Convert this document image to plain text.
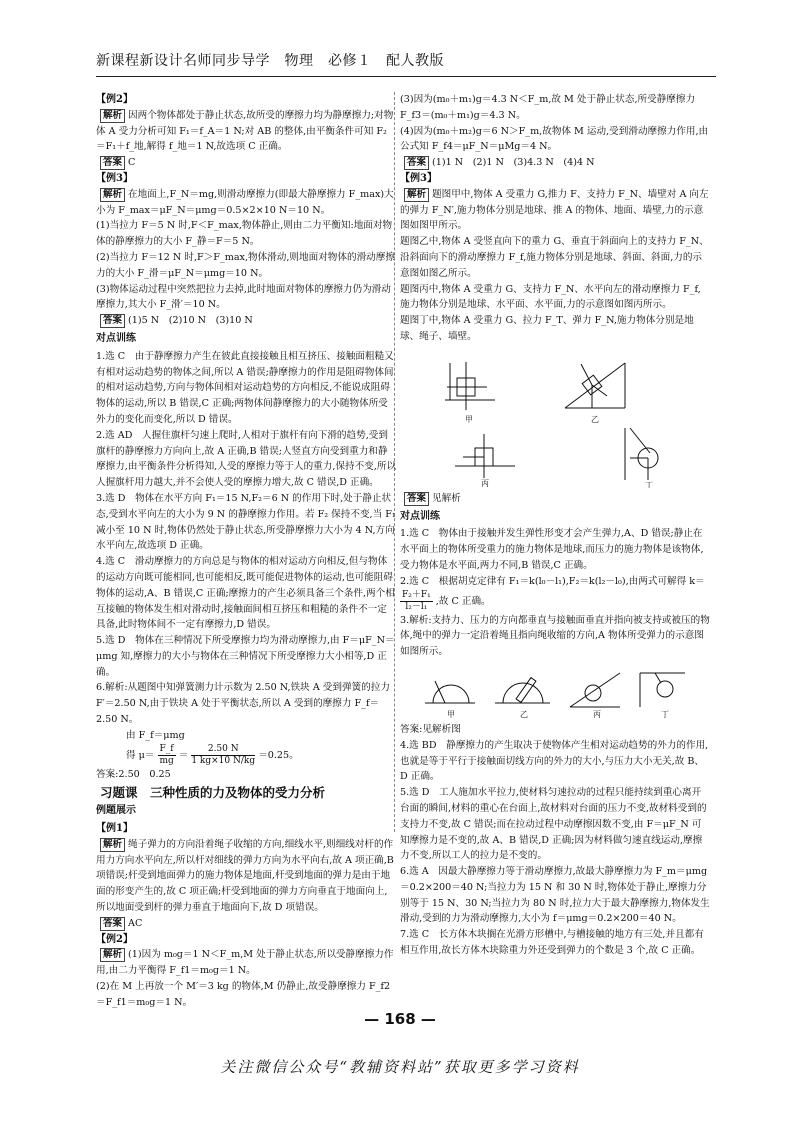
新课程新设计名师同步导学　物理　必修１　配人教版
【例2】

解析 因两个物体都处于静止状态,故所受的摩擦力均为静摩擦力;对物体 A 受力分析可知 F₁＝f_A＝1 N;对 AB 的整体,由平衡条件可知 F₂＝F₁＋f_地,解得 f_地＝1 N,故选项 C 正确。

答案 C

【例3】

解析 在地面上,F_N＝mg,则滑动摩擦力(即最大静摩擦力 F_max)大小为 F_max＝μF_N＝μmg＝0.5×2×10 N＝10 N。

(1)当拉力 F＝5 N 时,F＜F_max,物体静止,则由二力平衡知:地面对物体的静摩擦力的大小 F_静＝F＝5 N。

(2)当拉力 F＝12 N 时,F＞F_max,物体滑动,则地面对物体的滑动摩擦力的大小 F_滑＝μF_N＝μmg＝10 N。

(3)物体运动过程中突然把拉力去掉,此时地面对物体的摩擦力仍为滑动摩擦力,其大小 F_滑′＝10 N。

答案 (1)5 N　(2)10 N　(3)10 N

对点训练

1.选 C　由于静摩擦力产生在彼此直接接触且相互挤压、接触面粗糙又有相对运动趋势的物体之间,所以 A 错误;静摩擦力的作用是阻碍物体间的相对运动趋势,方向与物体间相对运动趋势的方向相反,不能说成阻碍物体的运动,所以 B 错误,C 正确;两物体间静摩擦力的大小随物体所受外力的变化而变化,所以 D 错误。

2.选 AD　人握住旗杆匀速上爬时,人相对于旗杆有向下滑的趋势,受到旗杆的静摩擦力方向向上,故 A 正确,B 错误;人竖直方向受到重力和静摩擦力,由平衡条件分析得知,人受的摩擦力等于人的重力,保持不变,所以人握旗杆用力越大,并不会使人受的摩擦力增大,故 C 错误,D 正确。

3.选 D　物体在水平方向 F₁＝15 N,F₂＝6 N 的作用下时,处于静止状态,受到水平向左的大小为 9 N 的静摩擦力作用。若 F₂ 保持不变,当 F₁ 减小至 10 N 时,物体仍然处于静止状态,所受静摩擦力大小为 4 N,方向水平向左,故选项 D 正确。

4.选 C　滑动摩擦力的方向总是与物体的相对运动方向相反,但与物体的运动方向既可能相同,也可能相反,既可能促进物体的运动,也可能阻碍物体的运动,A、B 错误,C 正确;摩擦力的产生必须具备三个条件,两个相互接触的物体发生相对滑动时,接触面间相互挤压和粗糙的条件不一定具备,此时物体间不一定有摩擦力,D 错误。

5.选 D　物体在三种情况下所受摩擦力均为滑动摩擦力,由 F＝μF_N＝μmg 知,摩擦力的大小与物体在三种情况下所受摩擦力大小相等,D 正确。

6.解析:从题图中知弹簧测力计示数为 2.50 N,铁块 A 受到弹簧的拉力 F′＝2.50 N,由于铁块 A 处于平衡状态,所以 A 受到的摩擦力 F_f＝2.50 N。

由 F_f＝μmg

得 $\mu= \frac{F\_f}{mg} = \frac{2.50 N}{1 kg\times 10 N/kg} =0.25$。

答案:2.50　0.25

习题课　三种性质的力及物体的受力分析
例题展示
【例1】

解析 绳子弹力的方向沿着绳子收缩的方向,细线水平,则细线对杆的作用力方向水平向左,所以杆对细线的弹力方向为水平向右,故 A 项正确,B 项错误;杆受到地面弹力的施力物体是地面,杆受到地面的弹力是由于地面的形变产生的,故 C 项正确;杆受到地面的弹力方向垂直于地面向上,所以地面受到杆的弹力垂直于地面向下,故 D 项错误。

答案 AC

【例2】

解析 (1)因为 m₀g＝1 N＜F_m,M 处于静止状态,所以受静摩擦力作用,由二力平衡得 F_f1＝m₀g＝1 N。

(2)在 M 上再放一个 M′＝3 kg 的物体,M 仍静止,故受静摩擦力 F_f2＝F_f1＝m₀g＝1 N。

(3)因为(m₀＋m₁)g＝4.3 N＜F_m,故 M 处于静止状态,所受静摩擦力 F_f3＝(m₀＋m₁)g＝4.3 N。

(4)因为(m₀＋m₂)g＝6 N＞F_m,故物体 M 运动,受到滑动摩擦力作用,由公式知 F_f4＝μF_N＝μMg＝4 N。

答案 (1)1 N　(2)1 N　(3)4.3 N　(4)4 N

【例3】

解析 题图甲中,物体 A 受重力 G,推力 F、支持力 F_N、墙壁对 A 向左的弹力 F_N′,施力物体分别是地球、推 A 的物体、地面、墙壁,力的示意图如图甲所示。

题图乙中,物体 A 受竖直向下的重力 G、垂直于斜面向上的支持力 F_N、沿斜面向下的滑动摩擦力 F_f,施力物体分别是地球、斜面、斜面,力的示意图如图乙所示。

题图丙中,物体 A 受重力 G、支持力 F_N、水平向左的滑动摩擦力 F_f,施力物体分别是地球、水平面、水平面,力的示意图如图丙所示。

题图丁中,物体 A 受重力 G、拉力 F_T、弹力 F_N,施力物体分别是地球、绳子、墙壁。

甲	乙
丙	丁

答案 见解析

对点训练

1.选 C　物体由于接触并发生弹性形变才会产生弹力,A、D 错误;静止在水平面上的物体所受重力的施力物体是地球,而压力的施力物体是该物体,受力物体是水平面,两力不同,B 错误,C 正确。

2.选 C　根据胡克定律有 F₁＝k(l₀－l₁),F₂＝k(l₂－l₀),由两式可解得 k＝
$\frac{\text{F₂＋F₁}}{\text{l₂－l₁}}$ ,故 C 正确。

3.解析:支持力、压力的方向都垂直与接触面垂直并指向被支持或被压的物体,绳中的弹力一定沿着绳且指向绳收缩的方向,A 物体所受弹力的示意图如图所示。

甲	乙	丙	丁

答案:见解析图

4.选 BD　静摩擦力的产生取决于使物体产生相对运动趋势的外力的作用,也就是等于平行于接触面切线方向的外力的大小,与压力大小无关,故 B、D 正确。

5.选 D　工人施加水平拉力,使材料匀速拉动的过程只能持续到重心离开台面的瞬间,材料的重心在台面上,故材料对台面的压力不变,故材料受到的支持力不变,故 C 错误;而在拉动过程中动摩擦因数不变,由 F＝μF_N 可知摩擦力是不变的,故 A、B 错误,D 正确;因为材料做匀速直线运动,摩擦力不变,所以工人的拉力是不变的。

6.选 A　因最大静摩擦力等于滑动摩擦力,故最大静摩擦力为 F_m＝μmg＝0.2×200＝40 N;当拉力为 15 N 和 30 N 时,物体处于静止,摩擦力分别等于 15 N、30 N;当拉力为 80 N 时,拉力大于最大静摩擦力,物体发生滑动,受到的力为滑动摩擦力,大小为 f＝μmg＝0.2×200＝40 N。

7.选 C　长方体木块搁在光滑方形槽中,与槽接触的地方有三处,并且都有相互作用,故长方体木块除重力外还受到弹力的个数是 3 个,故 C 正确。

— 168 —
关注微信公众号“教辅资料站”获取更多学习资料
